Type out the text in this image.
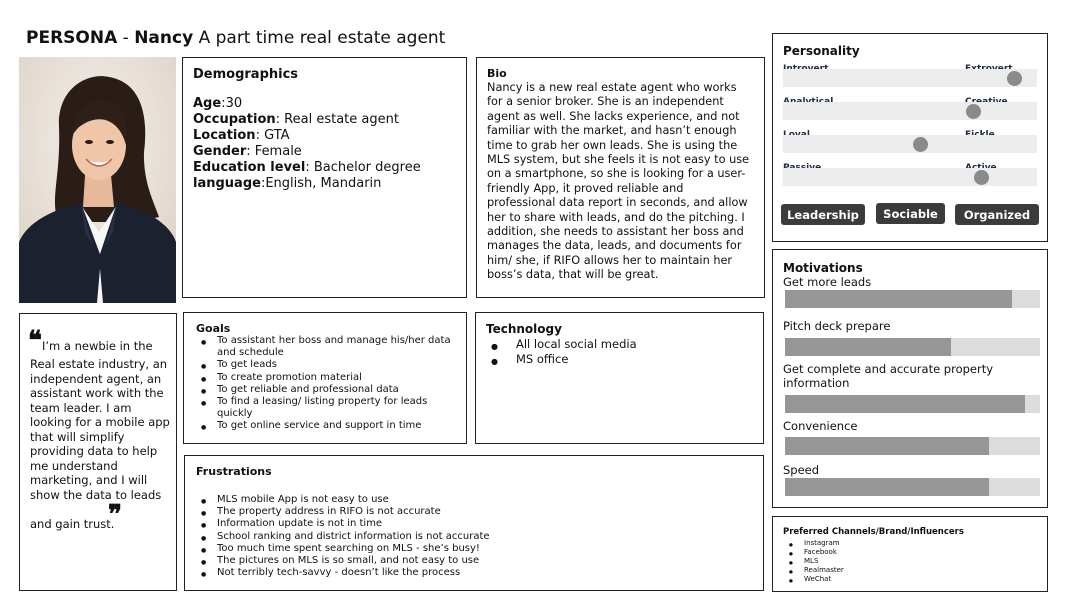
PERSONA - Nancy A part time real estate agent
Demographics
Age:30
Occupation: Real estate agent
Location: GTA
Gender: Female
Education level: Bachelor degree
language:English, Mandarin
Bio

Nancy is a new real estate agent who works for a senior broker. She is an independent agent as well. She lacks experience, and not familiar with the market, and hasn’t enough time to grab her own leads. She is using the MLS system, but she feels it is not easy to use on a smartphone, so she is looking for a user-friendly App, it proved reliable and professional data report in seconds, and allow her to share with leads, and do the pitching. I addition, she needs to assistant her boss and manages the data, leads, and documents for him/ she, if RIFO allows her to maintain her boss’s data, that will be great.

❝ I’m a newbie in the
Real estate industry, an independent agent, an assistant work with the team leader. I am looking for a mobile app that will simplify providing data to help me understand marketing, and I will show the data to leads
❞
and gain trust.
Goals
● To assistant her boss and manage his/her data and schedule
● To get leads
● To create promotion material
● To get reliable and professional data
● To find a leasing/ listing property for leads quickly
● To get online service and support in time
Technology
● All local social media
● MS office
Frustrations
● MLS mobile App is not easy to use
● The property address in RIFO is not accurate
● Information update is not in time
● School ranking and district information is not accurate
● Too much time spent searching on MLS - she’s busy!
● The pictures on MLS is so small, and not easy to use
● Not terribly tech-savvy - doesn’t like the process
Personality
Leadership	Sociable	Organized
Motivations
Get more leads
Pitch deck prepare
Get complete and accurate property information
Convenience
Speed
Preferred Channels/Brand/Influencers
● Instagram
● Facebook
● MLS
● Realmaster
● WeChat
